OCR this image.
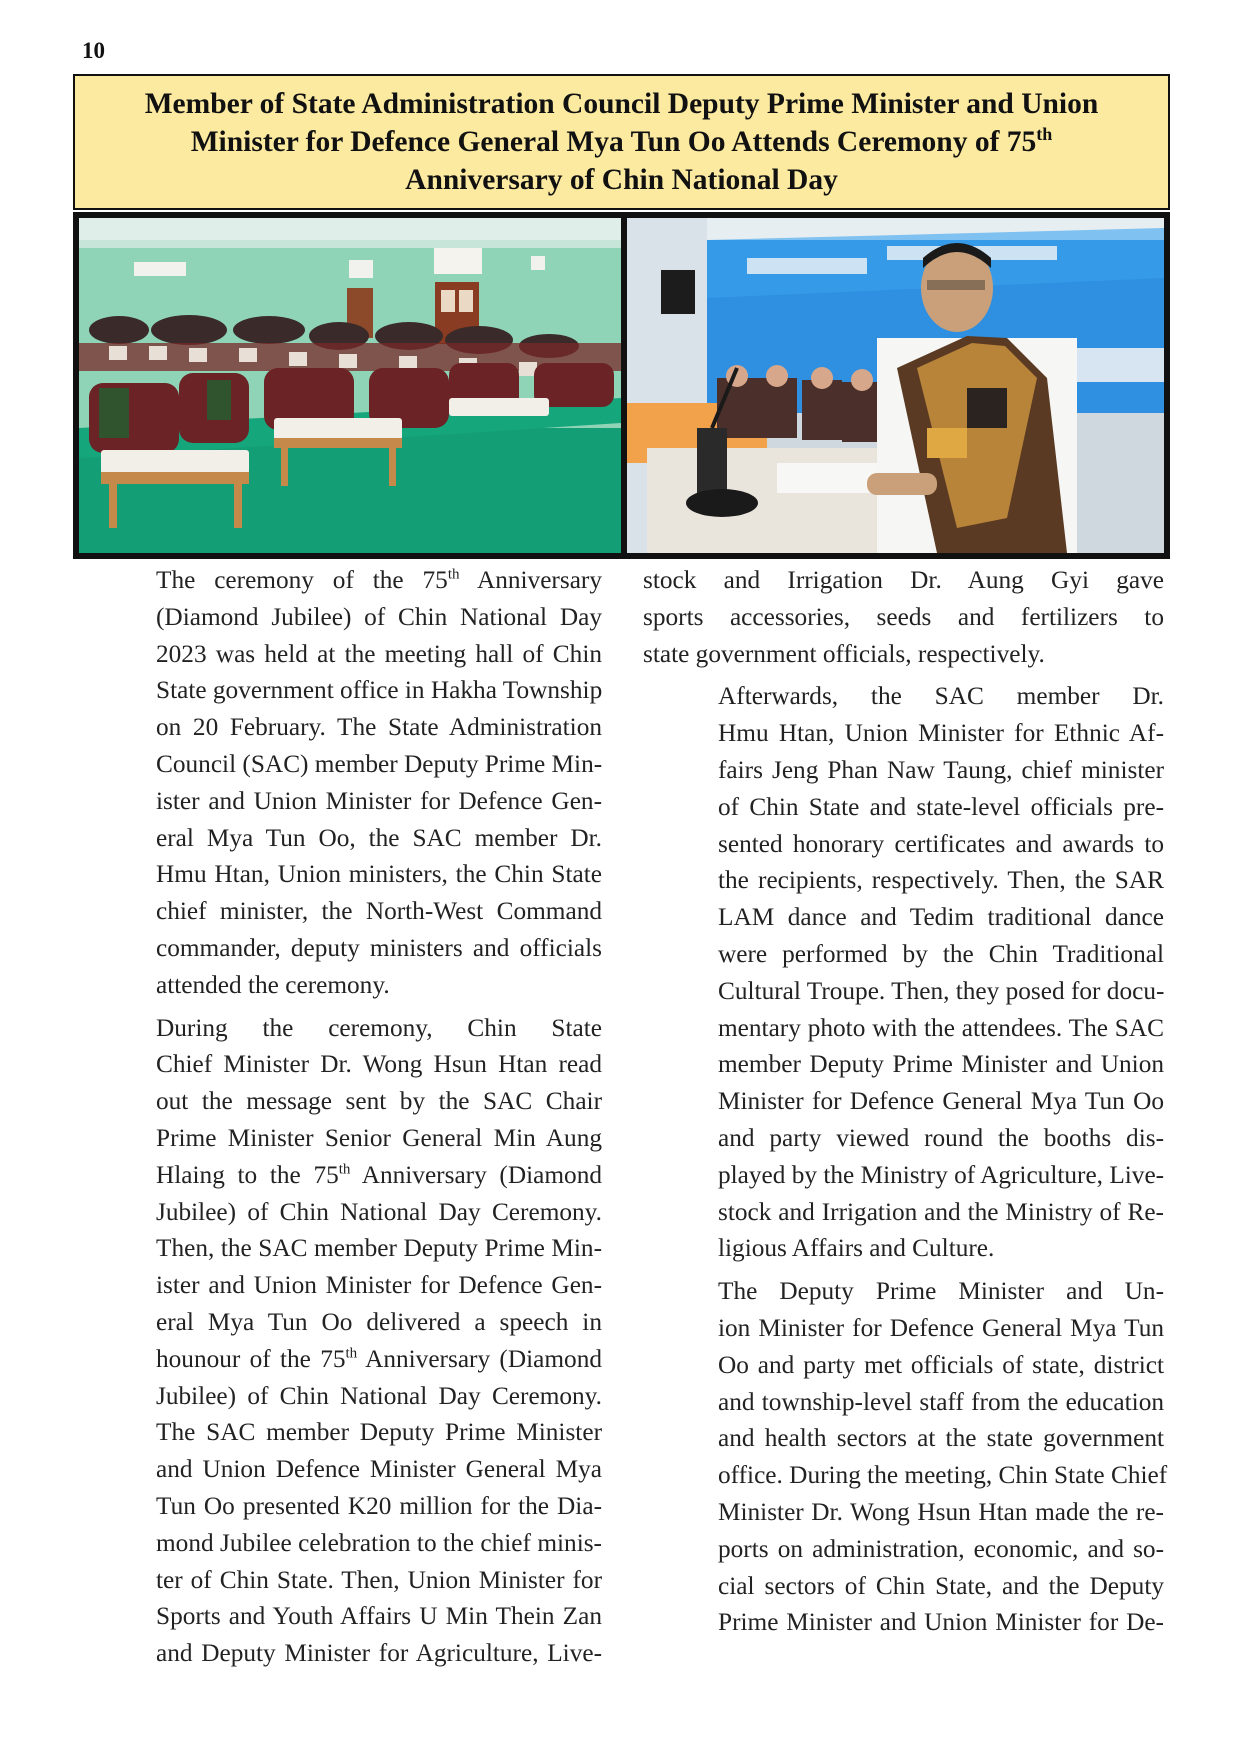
10
Member of State Administration Council Deputy Prime Minister and Union
Minister for Defence General Mya Tun Oo Attends Ceremony of 75th
Anniversary of Chin National Day
The ceremony of the 75th Anniversary
(Diamond Jubilee) of Chin National Day
2023 was held at the meeting hall of Chin
State government office in Hakha Township
on 20 February. The State Administration
Council (SAC) member Deputy Prime Min-
ister and Union Minister for Defence Gen-
eral Mya Tun Oo, the SAC member Dr.
Hmu Htan, Union ministers, the Chin State
chief minister, the North-West Command
commander, deputy ministers and officials
attended the ceremony.
During the ceremony, Chin State
Chief Minister Dr. Wong Hsun Htan read
out the message sent by the SAC Chair
Prime Minister Senior General Min Aung
Hlaing to the 75th Anniversary (Diamond
Jubilee) of Chin National Day Ceremony.
Then, the SAC member Deputy Prime Min-
ister and Union Minister for Defence Gen-
eral Mya Tun Oo delivered a speech in
hounour of the 75th Anniversary (Diamond
Jubilee) of Chin National Day Ceremony.
The SAC member Deputy Prime Minister
and Union Defence Minister General Mya
Tun Oo presented K20 million for the Dia-
mond Jubilee celebration to the chief minis-
ter of Chin State. Then, Union Minister for
Sports and Youth Affairs U Min Thein Zan
and Deputy Minister for Agriculture, Live-
stock and Irrigation Dr. Aung Gyi gave
sports accessories, seeds and fertilizers to
state government officials, respectively.
Afterwards, the SAC member Dr.
Hmu Htan, Union Minister for Ethnic Af-
fairs Jeng Phan Naw Taung, chief minister
of Chin State and state-level officials pre-
sented honorary certificates and awards to
the recipients, respectively. Then, the SAR
LAM dance and Tedim traditional dance
were performed by the Chin Traditional
Cultural Troupe. Then, they posed for docu-
mentary photo with the attendees. The SAC
member Deputy Prime Minister and Union
Minister for Defence General Mya Tun Oo
and party viewed round the booths dis-
played by the Ministry of Agriculture, Live-
stock and Irrigation and the Ministry of Re-
ligious Affairs and Culture.
The Deputy Prime Minister and Un-
ion Minister for Defence General Mya Tun
Oo and party met officials of state, district
and township-level staff from the education
and health sectors at the state government
office. During the meeting, Chin State Chief
Minister Dr. Wong Hsun Htan made the re-
ports on administration, economic, and so-
cial sectors of Chin State, and the Deputy
Prime Minister and Union Minister for De-
